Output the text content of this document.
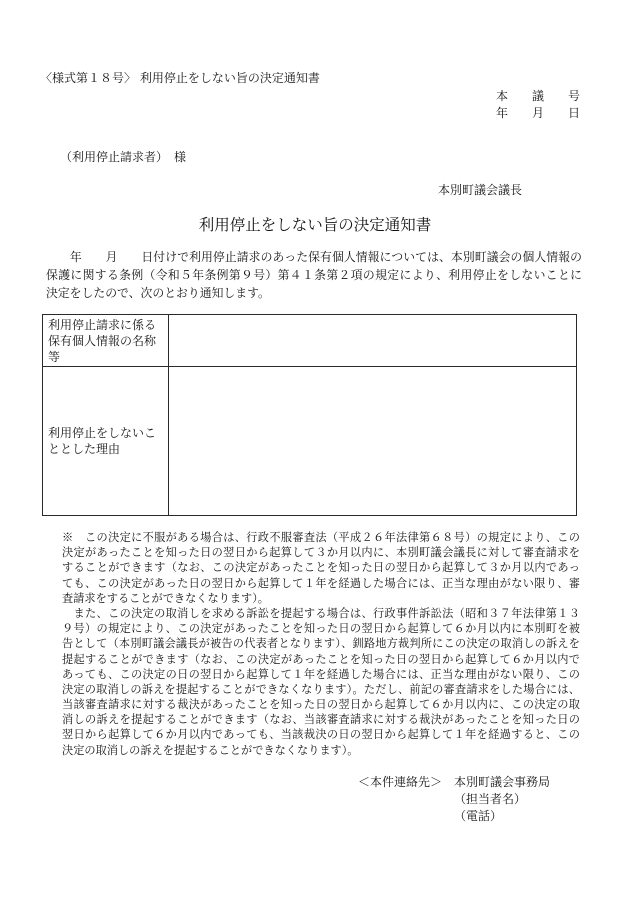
〈様式第１８号〉 利用停止をしない旨の決定通知書
本　　議　　号
年　　月　　日
（利用停止請求者）　様
本別町議会議長
利用停止をしない旨の決定通知書
　　年　　月　　日付けで利用停止請求のあった保有個人情報については、本別町議会の個人情報の
保護に関する条例（令和５年条例第９号）第４１条第２項の規定により、利用停止をしないことに
決定をしたので、次のとおり通知します。
利用停止請求に係る
保有個人情報の名称
等
利用停止をしないこ
ととした理由
※　この決定に不服がある場合は、行政不服審査法（平成２６年法律第６８号）の規定により、この
決定があったことを知った日の翌日から起算して３か月以内に、本別町議会議長に対して審査請求を
することができます（なお、この決定があったことを知った日の翌日から起算して３か月以内であっ
ても、この決定があった日の翌日から起算して１年を経過した場合には、正当な理由がない限り、審
査請求をすることができなくなります）。
　また、この決定の取消しを求める訴訟を提起する場合は、行政事件訴訟法（昭和３７年法律第１３
９号）の規定により、この決定があったことを知った日の翌日から起算して６か月以内に本別町を被
告として（本別町議会議長が被告の代表者となります）、釧路地方裁判所にこの決定の取消しの訴えを
提起することができます（なお、この決定があったことを知った日の翌日から起算して６か月以内で
あっても、この決定の日の翌日から起算して１年を経過した場合には、正当な理由がない限り、この
決定の取消しの訴えを提起することができなくなります）。ただし、前記の審査請求をした場合には、
当該審査請求に対する裁決があったことを知った日の翌日から起算して６か月以内に、この決定の取
消しの訴えを提起することができます（なお、当該審査請求に対する裁決があったことを知った日の
翌日から起算して６か月以内であっても、当該裁決の日の翌日から起算して１年を経過すると、この
決定の取消しの訴えを提起することができなくなります）。
＜本件連絡先＞ 本別町議会事務局
（担当者名）
（電話）
